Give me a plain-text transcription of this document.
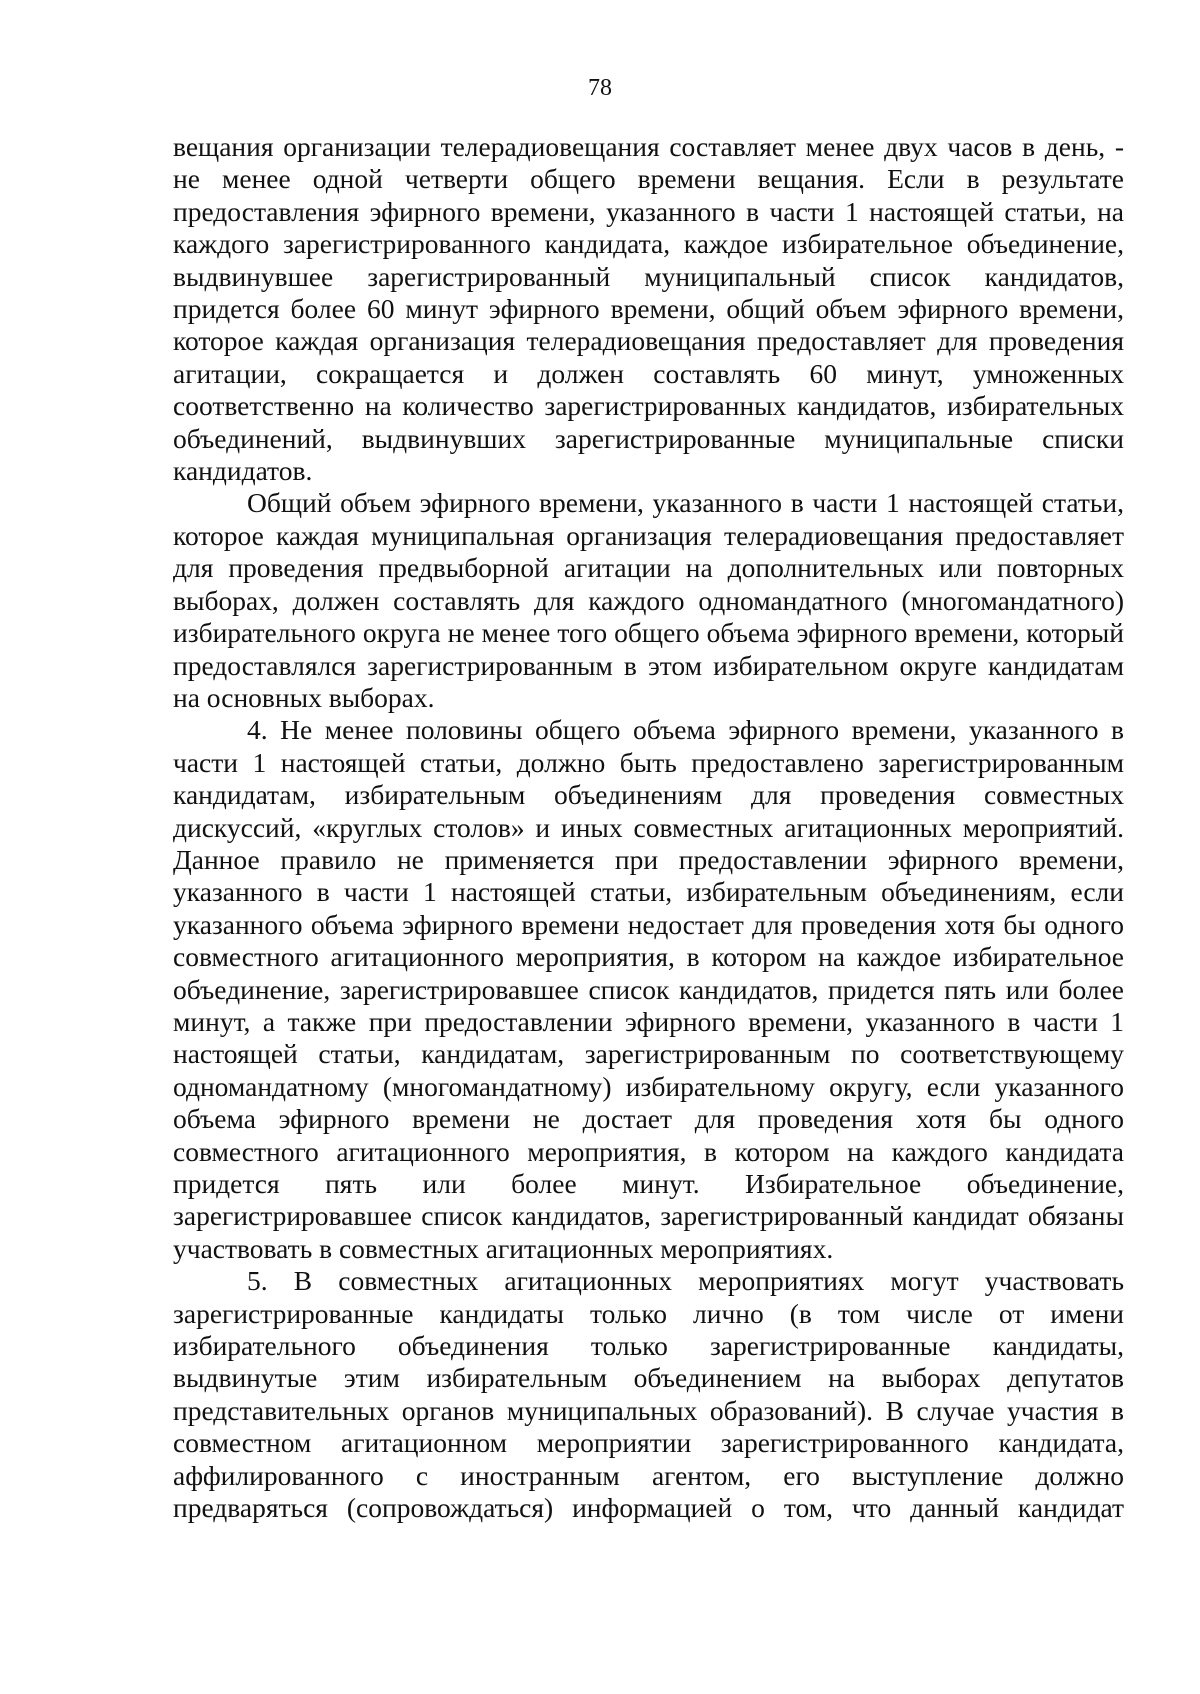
78

вещания организации телерадиовещания составляет менее двух часов в день, - не менее одной четверти общего времени вещания. Если в результате предоставления эфирного времени, указанного в части 1 настоящей статьи, на каждого зарегистрированного кандидата, каждое избирательное объединение, выдвинувшее зарегистрированный муниципальный список кандидатов, придется более 60 минут эфирного времени, общий объем эфирного времени, которое каждая организация телерадиовещания предоставляет для проведения агитации, сокращается и должен составлять 60 минут, умноженных соответственно на количество зарегистрированных кандидатов, избирательных объединений, выдвинувших зарегистрированные муниципальные списки кандидатов.

Общий объем эфирного времени, указанного в части 1 настоящей статьи, которое каждая муниципальная организация телерадиовещания предоставляет для проведения предвыборной агитации на дополнительных или повторных выборах, должен составлять для каждого одномандатного (многомандатного) избирательного округа не менее того общего объема эфирного времени, который предоставлялся зарегистрированным в этом избирательном округе кандидатам на основных выборах.

4. Не менее половины общего объема эфирного времени, указанного в части 1 настоящей статьи, должно быть предоставлено зарегистрированным кандидатам, избирательным объединениям для проведения совместных дискуссий, «круглых столов» и иных совместных агитационных мероприятий. Данное правило не применяется при предоставлении эфирного времени, указанного в части 1 настоящей статьи, избирательным объединениям, если указанного объема эфирного времени недостает для проведения хотя бы одного совместного агитационного мероприятия, в котором на каждое избирательное объединение, зарегистрировавшее список кандидатов, придется пять или более минут, а также при предоставлении эфирного времени, указанного в части 1 настоящей статьи, кандидатам, зарегистрированным по соответствующему одномандатному (многомандатному) избирательному округу, если указанного объема эфирного времени не достает для проведения хотя бы одного совместного агитационного мероприятия, в котором на каждого кандидата придется пять или более минут. Избирательное объединение, зарегистрировавшее список кандидатов, зарегистрированный кандидат обязаны участвовать в совместных агитационных мероприятиях.

5. В совместных агитационных мероприятиях могут участвовать зарегистрированные кандидаты только лично (в том числе от имени избирательного объединения только зарегистрированные кандидаты, выдвинутые этим избирательным объединением на выборах депутатов представительных органов муниципальных образований). В случае участия в совместном агитационном мероприятии зарегистрированного кандидата, аффилированного с иностранным агентом, его выступление должно предваряться (сопровождаться) информацией о том, что данный кандидат
